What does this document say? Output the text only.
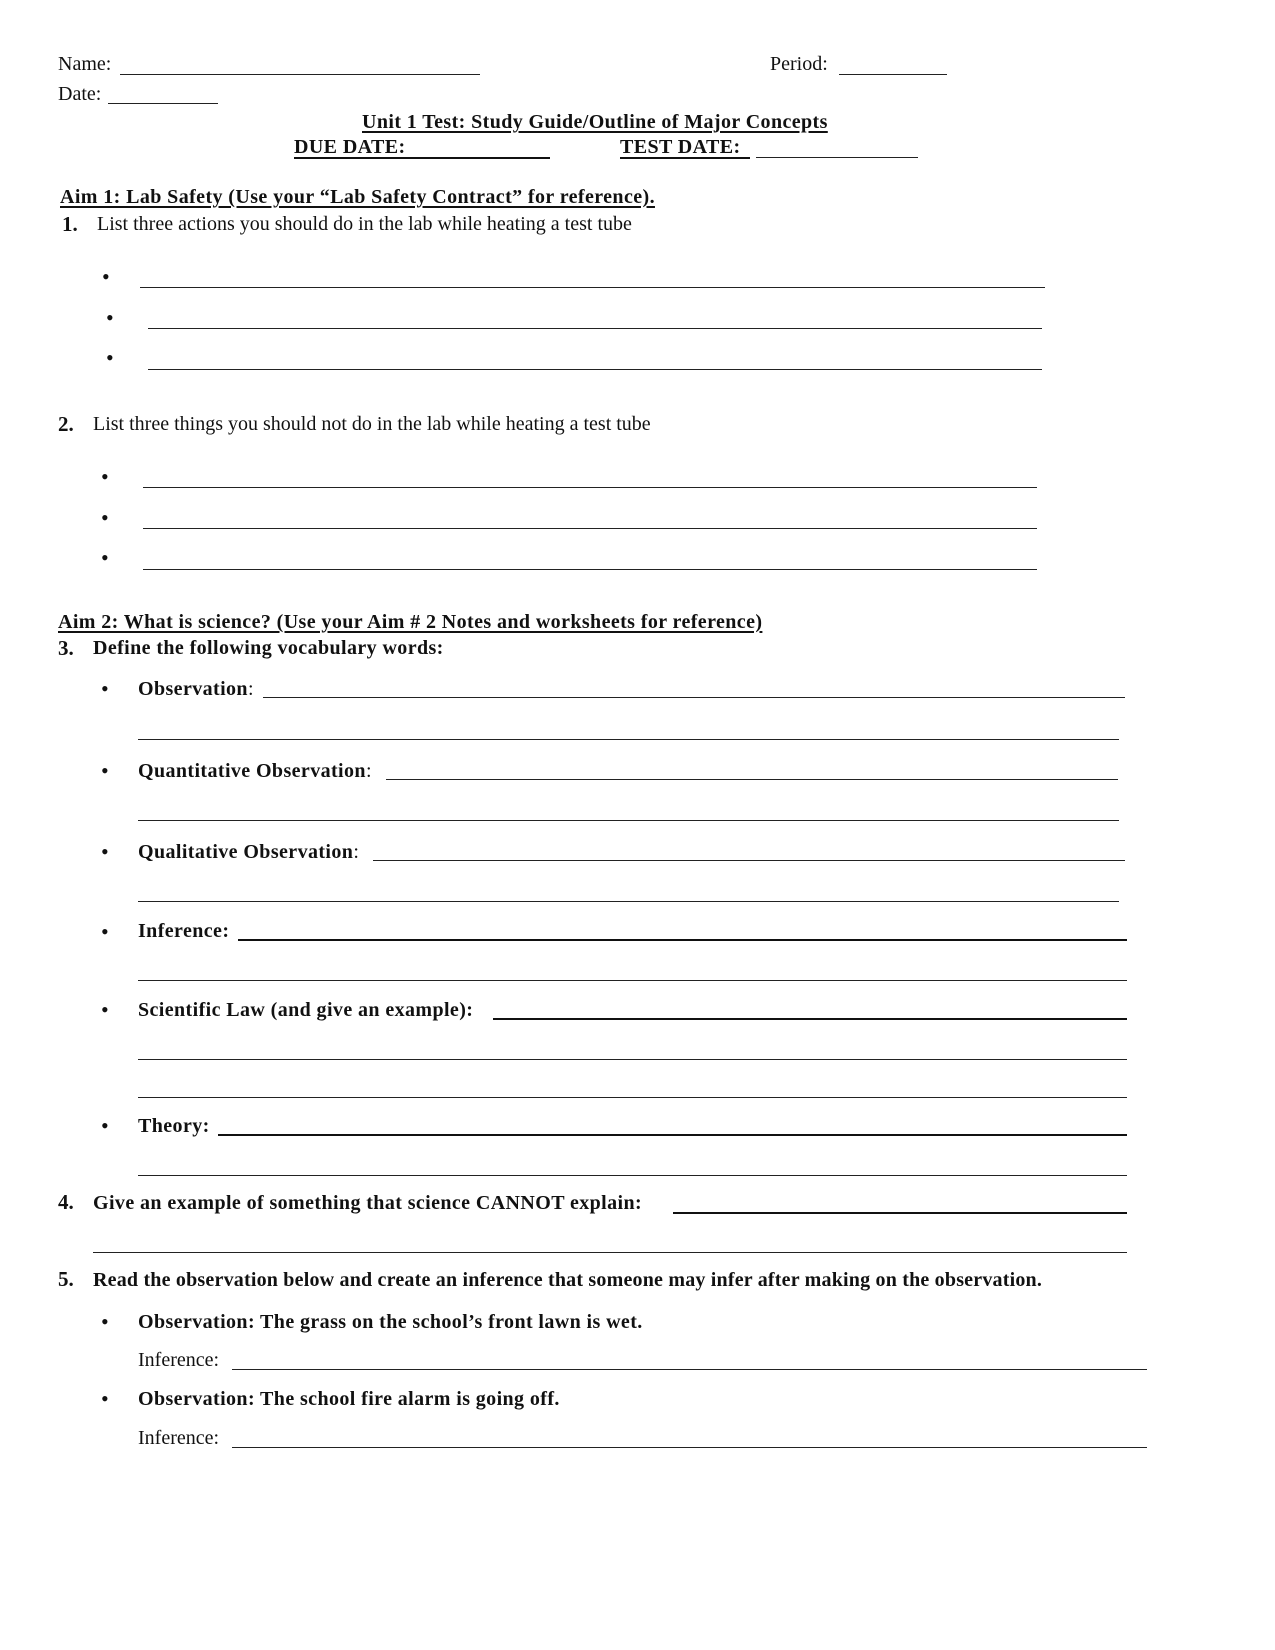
Name:	Period:
Date:
Unit 1 Test: Study Guide/Outline of Major Concepts
DUE DATE:	TEST DATE:
Aim 1: Lab Safety (Use your “Lab Safety Contract” for reference).
1. List three actions you should do in the lab while heating a test tube
•
•
•
2. List three things you should not do in the lab while heating a test tube
•
•
•
Aim 2: What is science? (Use your Aim # 2 Notes and worksheets for reference)
3. Define the following vocabulary words:
• Observation:
• Quantitative Observation:
• Qualitative Observation:
• Inference:
• Scientific Law (and give an example):
• Theory:
4. Give an example of something that science CANNOT explain:
5. Read the observation below and create an inference that someone may infer after making on the observation.
• Observation: The grass on the school’s front lawn is wet.
Inference:
• Observation: The school fire alarm is going off.
Inference:
